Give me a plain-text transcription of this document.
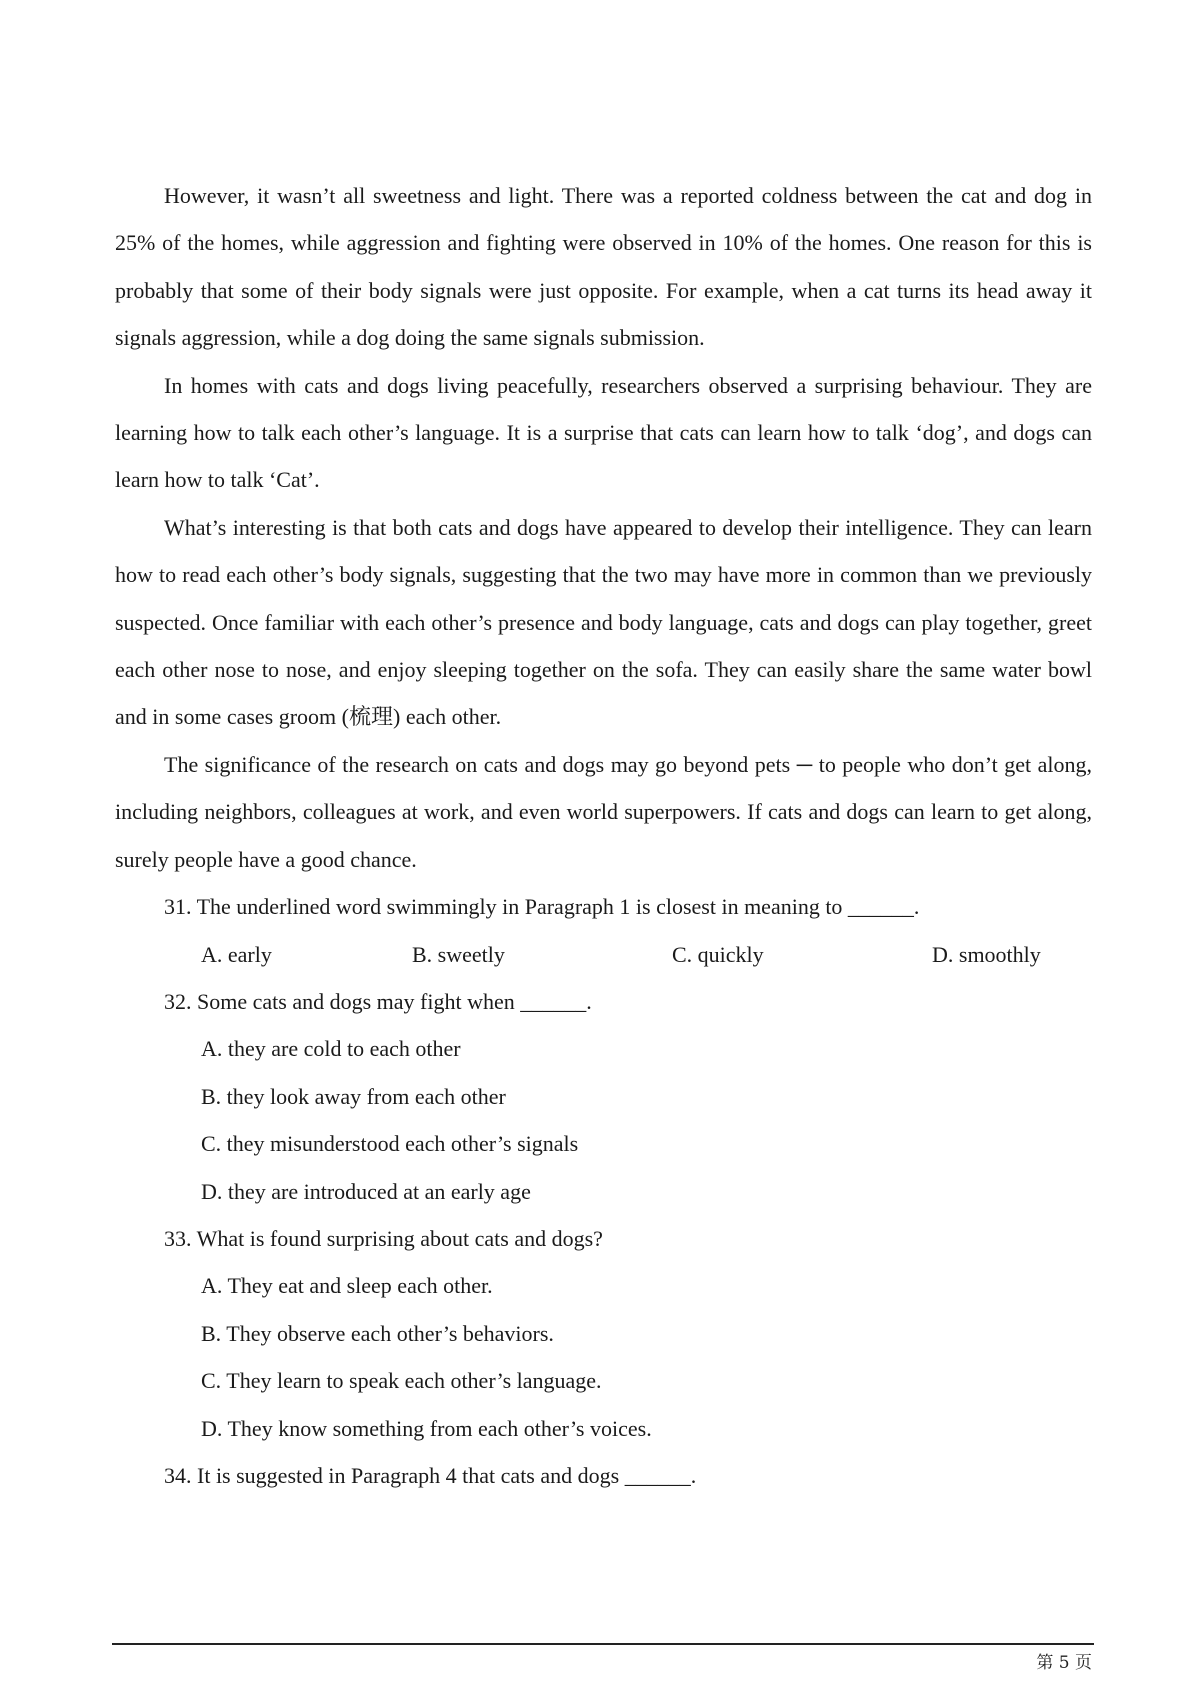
However, it wasn’t all sweetness and light. There was a reported coldness between the cat and dog in 25% of the homes, while aggression and fighting were observed in 10% of the homes. One reason for this is probably that some of their body signals were just opposite. For example, when a cat turns its head away it signals aggression, while a dog doing the same signals submission.

In homes with cats and dogs living peacefully, researchers observed a surprising behaviour. They are learning how to talk each other’s language. It is a surprise that cats can learn how to talk ‘dog’, and dogs can learn how to talk ‘Cat’.

What’s interesting is that both cats and dogs have appeared to develop their intelligence. They can learn how to read each other’s body signals, suggesting that the two may have more in common than we previously suspected. Once familiar with each other’s presence and body language, cats and dogs can play together, greet each other nose to nose, and enjoy sleeping together on the sofa. They can easily share the same water bowl and in some cases groom (梳理) each other.

The significance of the research on cats and dogs may go beyond pets ─ to people who don’t get along, including neighbors, colleagues at work, and even world superpowers. If cats and dogs can learn to get along, surely people have a good chance.

31. The underlined word swimmingly in Paragraph 1 is closest in meaning to ______.

A. early	B. sweetly	C. quickly	D. smoothly

32. Some cats and dogs may fight when ______.

A. they are cold to each other

B. they look away from each other

C. they misunderstood each other’s signals

D. they are introduced at an early age

33. What is found surprising about cats and dogs?

A. They eat and sleep each other.

B. They observe each other’s behaviors.

C. They learn to speak each other’s language.

D. They know something from each other’s voices.

34. It is suggested in Paragraph 4 that cats and dogs ______.

第 5 页
